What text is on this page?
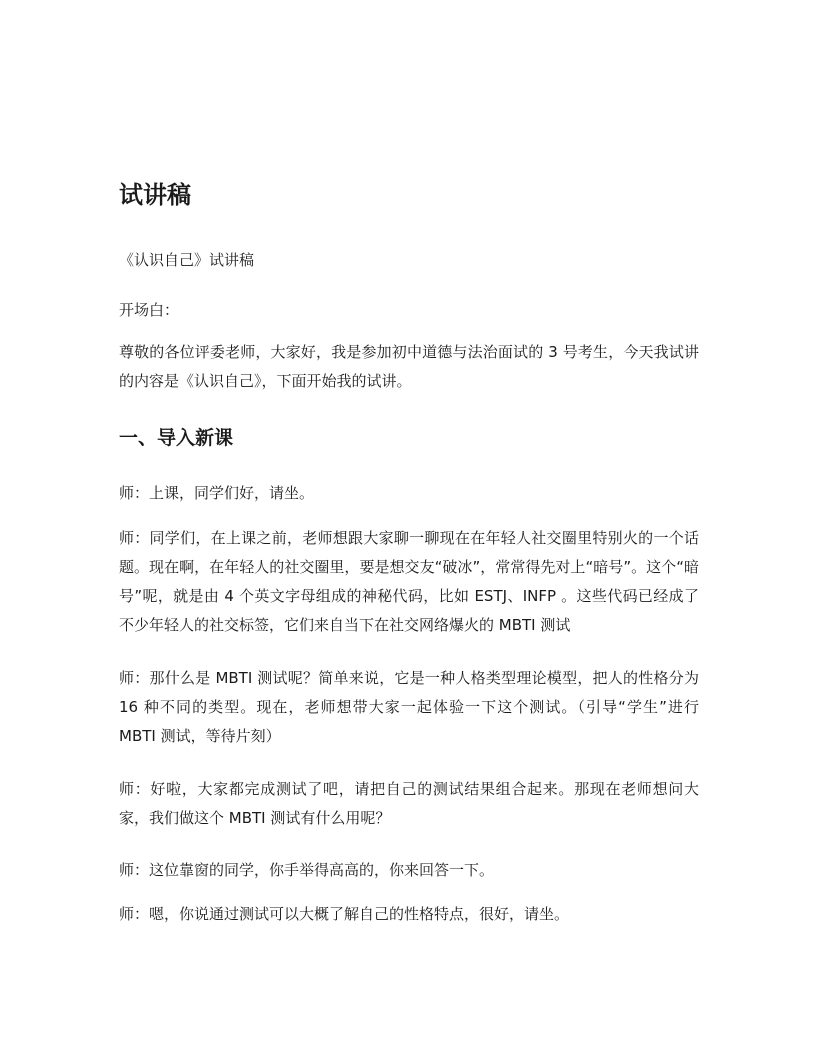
试讲稿

《认识自己》试讲稿

开场白：

尊敬的各位评委老师，大家好，我是参加初中道德与法治面试的 3 号考生，今天我试讲的内容是《认识自己》，下面开始我的试讲。

一、导入新课

师：上课，同学们好，请坐。

师：同学们，在上课之前，老师想跟大家聊一聊现在在年轻人社交圈里特别火的一个话题。现在啊，在年轻人的社交圈里，要是想交友“破冰”，常常得先对上“暗号”。这个“暗号”呢，就是由 4 个英文字母组成的神秘代码，比如 ESTJ、INFP 。这些代码已经成了不少年轻人的社交标签，它们来自当下在社交网络爆火的 MBTI 测试

师：那什么是 MBTI 测试呢？简单来说，它是一种人格类型理论模型，把人的性格分为 16 种不同的类型。现在，老师想带大家一起体验一下这个测试。（引导“学生”进行 MBTI 测试，等待片刻）

师：好啦，大家都完成测试了吧，请把自己的测试结果组合起来。那现在老师想问大家，我们做这个 MBTI 测试有什么用呢？

师：这位靠窗的同学，你手举得高高的，你来回答一下。

师：嗯，你说通过测试可以大概了解自己的性格特点，很好，请坐。
